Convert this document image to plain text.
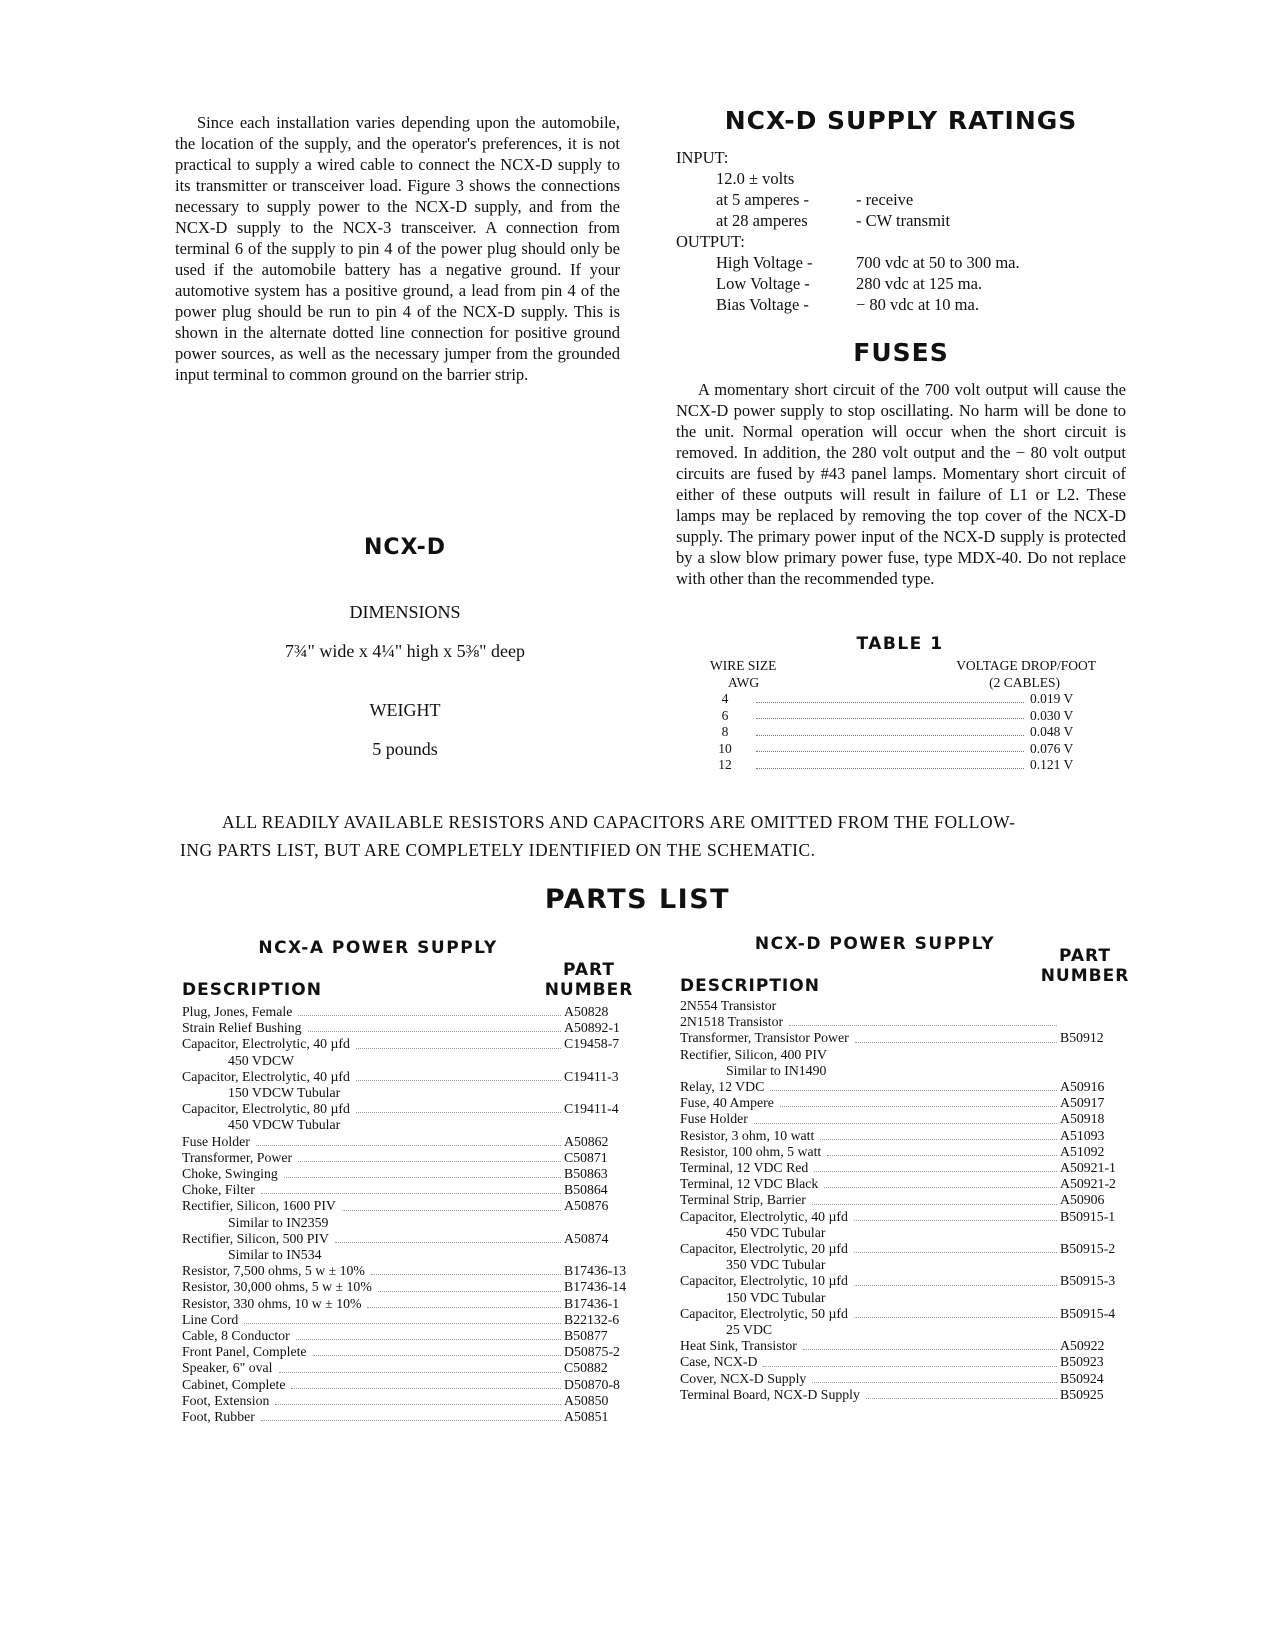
Since each installation varies depending upon the automobile, the location of the supply, and the operator's preferences, it is not practical to supply a wired cable to connect the NCX-D supply to its transmitter or transceiver load. Figure 3 shows the connections necessary to supply power to the NCX-D supply, and from the NCX-D supply to the NCX-3 transceiver. A connection from terminal 6 of the supply to pin 4 of the power plug should only be used if the automobile battery has a negative ground. If your automotive system has a positive ground, a lead from pin 4 of the power plug should be run to pin 4 of the NCX-D supply. This is shown in the alternate dotted line connection for positive ground power sources, as well as the necessary jumper from the grounded input terminal to common ground on the barrier strip.

NCX-D
DIMENSIONS
7¾" wide x 4¼" high x 5⅜" deep
WEIGHT
5 pounds
NCX-D SUPPLY RATINGS
INPUT:
12.0 ± volts
at 5 amperes -	- receive
at 28 amperes	- CW transmit
OUTPUT:
High Voltage -	700 vdc at 50 to 300 ma.
Low Voltage -	280 vdc at 125 ma.
Bias Voltage -	− 80 vdc at 10 ma.
FUSES

A momentary short circuit of the 700 volt output will cause the NCX-D power supply to stop oscillating. No harm will be done to the unit. Normal operation will occur when the short circuit is removed. In addition, the 280 volt output and the − 80 volt output circuits are fused by #43 panel lamps. Momentary short circuit of either of these outputs will result in failure of L1 or L2. These lamps may be replaced by removing the top cover of the NCX-D supply. The primary power input of the NCX-D supply is protected by a slow blow primary power fuse, type MDX-40. Do not replace with other than the recommended type.

TABLE 1
WIRE SIZE	VOLTAGE DROP/FOOT
AWG	(2 CABLES)
4	0.019 V
6	0.030 V
8	0.048 V
10	0.076 V
12	0.121 V
ALL READILY AVAILABLE RESISTORS AND CAPACITORS ARE OMITTED FROM THE FOLLOW-
ING PARTS LIST, BUT ARE COMPLETELY IDENTIFIED ON THE SCHEMATIC.
PARTS LIST
NCX-A POWER SUPPLY
DESCRIPTION
PART
NUMBER
Plug, Jones, Female	A50828
Strain Relief Bushing	A50892-1
Capacitor, Electrolytic, 40 µfd	C19458-7
450 VDCW
Capacitor, Electrolytic, 40 µfd	C19411-3
150 VDCW Tubular
Capacitor, Electrolytic, 80 µfd	C19411-4
450 VDCW Tubular
Fuse Holder	A50862
Transformer, Power	C50871
Choke, Swinging	B50863
Choke, Filter	B50864
Rectifier, Silicon, 1600 PIV	A50876
Similar to IN2359
Rectifier, Silicon, 500 PIV	A50874
Similar to IN534
Resistor, 7,500 ohms, 5 w ± 10%	B17436-13
Resistor, 30,000 ohms, 5 w ± 10%	B17436-14
Resistor, 330 ohms, 10 w ± 10%	B17436-1
Line Cord	B22132-6
Cable, 8 Conductor	B50877
Front Panel, Complete	D50875-2
Speaker, 6" oval	C50882
Cabinet, Complete	D50870-8
Foot, Extension	A50850
Foot, Rubber	A50851
NCX-D POWER SUPPLY
DESCRIPTION
PART
NUMBER
2N554 Transistor
2N1518 Transistor
Transformer, Transistor Power	B50912
Rectifier, Silicon, 400 PIV
Similar to IN1490
Relay, 12 VDC	A50916
Fuse, 40 Ampere	A50917
Fuse Holder	A50918
Resistor, 3 ohm, 10 watt	A51093
Resistor, 100 ohm, 5 watt	A51092
Terminal, 12 VDC Red	A50921-1
Terminal, 12 VDC Black	A50921-2
Terminal Strip, Barrier	A50906
Capacitor, Electrolytic, 40 µfd	B50915-1
450 VDC Tubular
Capacitor, Electrolytic, 20 µfd	B50915-2
350 VDC Tubular
Capacitor, Electrolytic, 10 µfd	B50915-3
150 VDC Tubular
Capacitor, Electrolytic, 50 µfd	B50915-4
25 VDC
Heat Sink, Transistor	A50922
Case, NCX-D	B50923
Cover, NCX-D Supply	B50924
Terminal Board, NCX-D Supply	B50925
